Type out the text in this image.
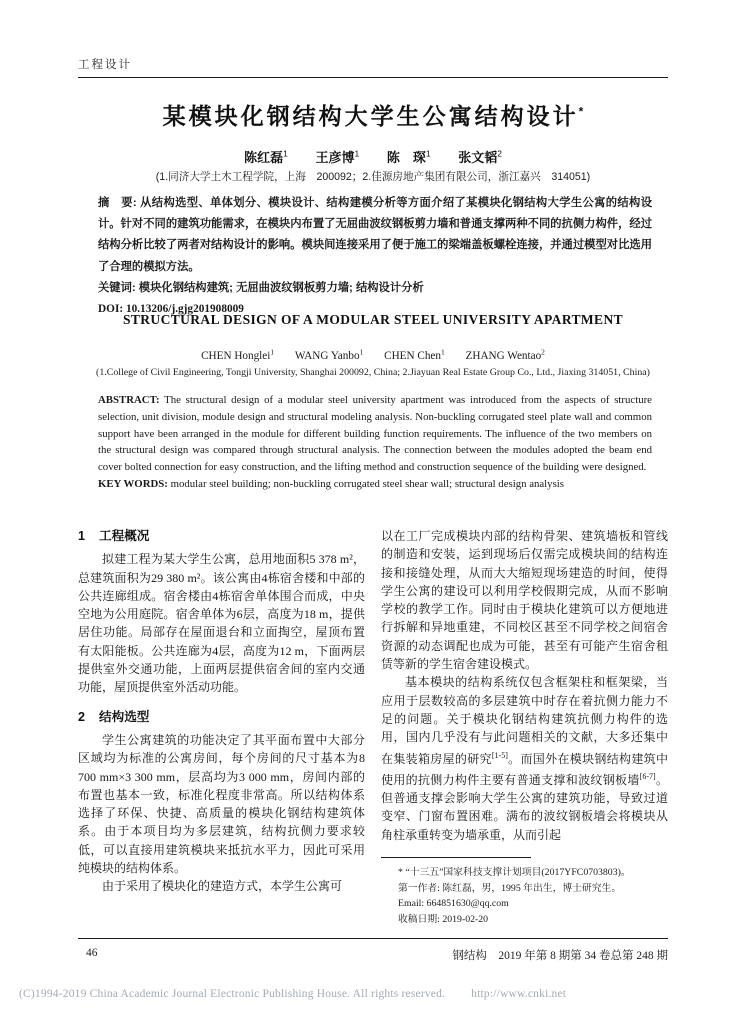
工程设计
某模块化钢结构大学生公寓结构设计*
陈红磊$^1$ 王彦博$^1$ 陈　琛$^1$ 张文韬$^2$
(1.同济大学土木工程学院，上海　200092；2.佳源房地产集团有限公司，浙江嘉兴　314051)
摘　要: 从结构选型、单体划分、模块设计、结构建模分析等方面介绍了某模块化钢结构大学生公寓的结构设计。针对不同的建筑功能需求，在模块内布置了无屈曲波纹钢板剪力墙和普通支撑两种不同的抗侧力构件，经过结构分析比较了两者对结构设计的影响。模块间连接采用了便于施工的梁端盖板螺栓连接，并通过模型对比选用了合理的模拟方法。
关键词: 模块化钢结构建筑; 无屈曲波纹钢板剪力墙; 结构设计分析
DOI: 10.13206/j.gjg201908009
STRUCTURAL DESIGN OF A MODULAR STEEL UNIVERSITY APARTMENT
CHEN Honglei$^1$ WANG Yanbo$^1$ CHEN Chen$^1$ ZHANG Wentao$^2$
(1.College of Civil Engineering, Tongji University, Shanghai 200092, China; 2.Jiayuan Real Estate Group Co., Ltd., Jiaxing 314051, China)
ABSTRACT: The structural design of a modular steel university apartment was introduced from the aspects of structure selection, unit division, module design and structural modeling analysis. Non-buckling corrugated steel plate wall and common support have been arranged in the module for different building function requirements. The influence of the two members on the structural design was compared through structural analysis. The connection between the modules adopted the beam end cover bolted connection for easy construction, and the lifting method and construction sequence of the building were designed.
KEY WORDS: modular steel building; non-buckling corrugated steel shear wall; structural design analysis
1 工程概况

拟建工程为某大学生公寓，总用地面积5 378 m²，总建筑面积为29 380 m²。该公寓由4栋宿舍楼和中部的公共连廊组成。宿舍楼由4栋宿舍单体围合而成，中央空地为公用庭院。宿舍单体为6层，高度为18 m，提供居住功能。局部存在屋面退台和立面掏空，屋顶布置有太阳能板。公共连廊为4层，高度为12 m，下面两层提供室外交通功能，上面两层提供宿舍间的室内交通功能，屋顶提供室外活动功能。

2 结构选型

学生公寓建筑的功能决定了其平面布置中大部分区域均为标准的公寓房间，每个房间的尺寸基本为8 700 mm×3 300 mm，层高均为3 000 mm，房间内部的布置也基本一致，标准化程度非常高。所以结构体系选择了环保、快捷、高质量的模块化钢结构建筑体系。由于本项目均为多层建筑，结构抗侧力要求较低，可以直接用建筑模块来抵抗水平力，因此可采用纯模块的结构体系。

由于采用了模块化的建造方式，本学生公寓可

以在工厂完成模块内部的结构骨架、建筑墙板和管线的制造和安装，运到现场后仅需完成模块间的结构连接和接缝处理，从而大大缩短现场建造的时间，使得学生公寓的建设可以利用学校假期完成，从而不影响学校的教学工作。同时由于模块化建筑可以方便地进行拆解和异地重建，不同校区甚至不同学校之间宿舍资源的动态调配也成为可能，甚至有可能产生宿舍租赁等新的学生宿舍建设模式。

基本模块的结构系统仅包含框架柱和框架梁，当应用于层数较高的多层建筑中时存在着抗侧力能力不足的问题。关于模块化钢结构建筑抗侧力构件的选用，国内几乎没有与此问题相关的文献，大多还集中在集装箱房屋的研究[1-5]。而国外在模块钢结构建筑中使用的抗侧力构件主要有普通支撑和波纹钢板墙[6-7]。但普通支撑会影响大学生公寓的建筑功能，导致过道变窄、门窗布置困难。满布的波纹钢板墙会将模块从角柱承重转变为墙承重，从而引起

* “十三五”国家科技支撑计划项目(2017YFC0703803)。
第一作者: 陈红磊，男，1995 年出生，博士研究生。
Email: 664851630@qq.com
收稿日期: 2019-02-20
46	钢结构　2019 年第 8 期第 34 卷总第 248 期
(C)1994-2019 China Academic Journal Electronic Publishing House. All rights reserved. http://www.cnki.net
